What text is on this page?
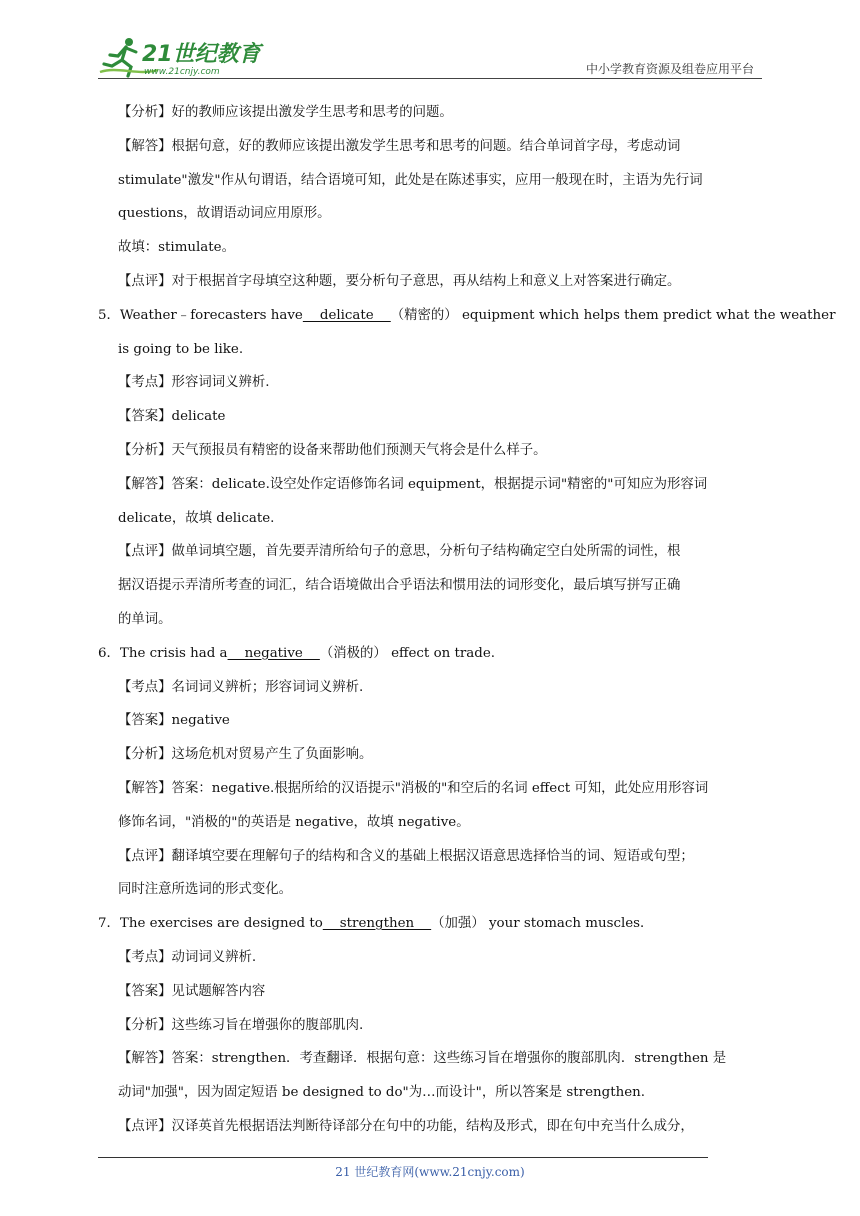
21世纪教育
www.21cnjy.com	中小学教育资源及组卷应用平台
【分析】好的教师应该提出激发学生思考和思考的问题。
【解答】根据句意，好的教师应该提出激发学生思考和思考的问题。结合单词首字母，考虑动词
stimulate"激发"作从句谓语，结合语境可知，此处是在陈述事实，应用一般现在时，主语为先行词
questions，故谓语动词应用原形。
故填：stimulate。
【点评】对于根据首字母填空这种题，要分析句子意思，再从结构上和意义上对答案进行确定。
5．Weather﹣forecasters have    delicate    （精密的） equipment which helps them predict what the weather
is going to be like.
【考点】形容词词义辨析.
【答案】delicate
【分析】天气预报员有精密的设备来帮助他们预测天气将会是什么样子。
【解答】答案：delicate.设空处作定语修饰名词 equipment，根据提示词"精密的"可知应为形容词
delicate，故填 delicate.
【点评】做单词填空题，首先要弄清所给句子的意思，分析句子结构确定空白处所需的词性，根
据汉语提示弄清所考查的词汇，结合语境做出合乎语法和惯用法的词形变化，最后填写拼写正确
的单词。
6．The crisis had a    negative    （消极的） effect on trade.
【考点】名词词义辨析；形容词词义辨析.
【答案】negative
【分析】这场危机对贸易产生了负面影响。
【解答】答案：negative.根据所给的汉语提示"消极的"和空后的名词 effect 可知，此处应用形容词
修饰名词，"消极的"的英语是 negative，故填 negative。
【点评】翻译填空要在理解句子的结构和含义的基础上根据汉语意思选择恰当的词、短语或句型；
同时注意所选词的形式变化。
7．The exercises are designed to    strengthen    （加强） your stomach muscles．
【考点】动词词义辨析.
【答案】见试题解答内容
【分析】这些练习旨在增强你的腹部肌肉.
【解答】答案：strengthen．考查翻译．根据句意：这些练习旨在增强你的腹部肌肉．strengthen 是
动词"加强"，因为固定短语 be designed to do"为…而设计"，所以答案是 strengthen.
【点评】汉译英首先根据语法判断待译部分在句中的功能，结构及形式，即在句中充当什么成分，
21 世纪教育网(www.21cnjy.com)
